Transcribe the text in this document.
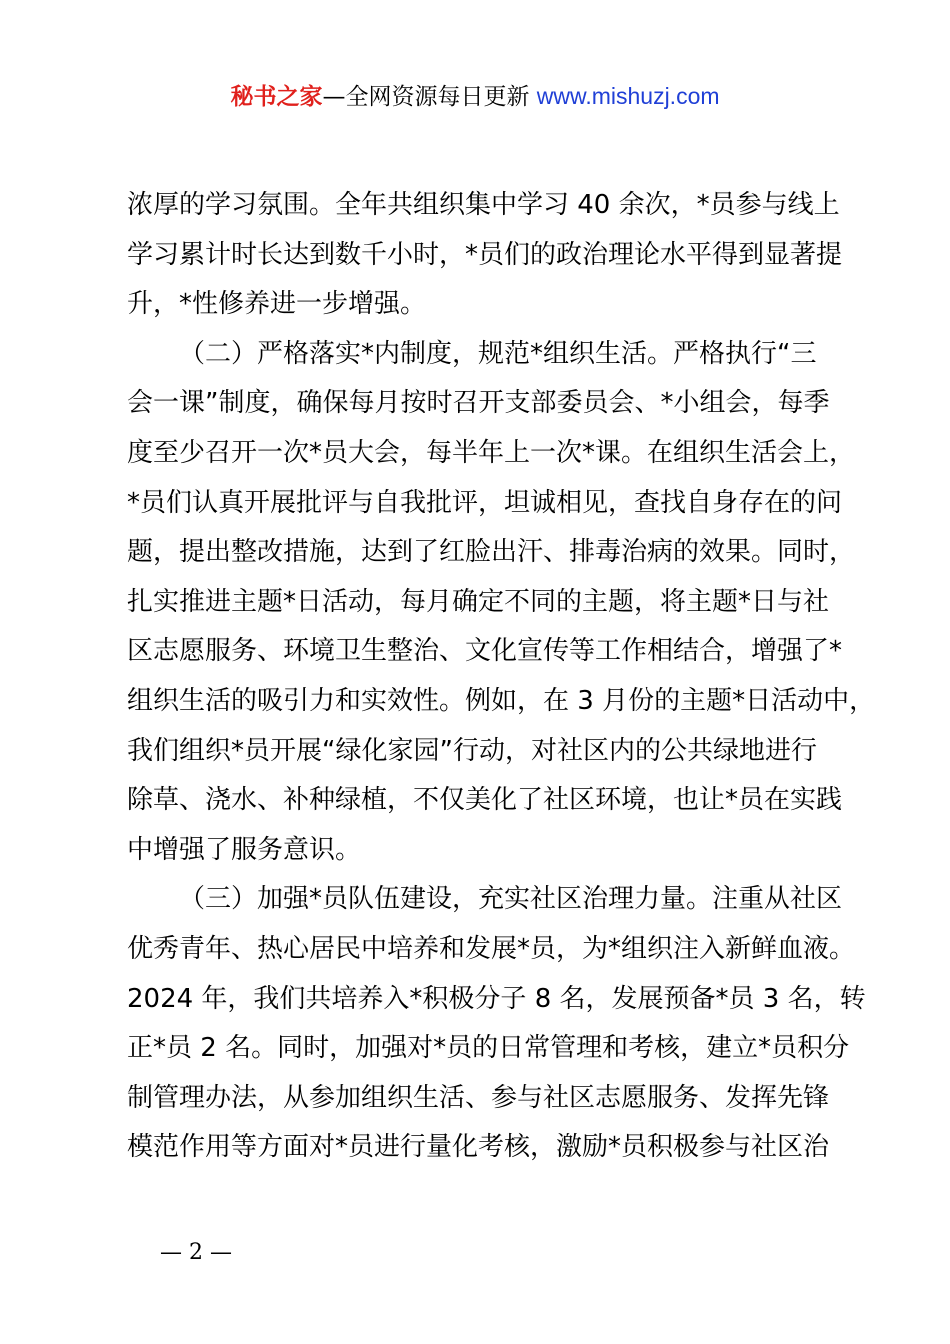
秘书之家—全网资源每日更新 www.mishuzj.com
浓厚的学习氛围。全年共组织集中学习 40 余次，*员参与线上
学习累计时长达到数千小时，*员们的政治理论水平得到显著提
升，*性修养进一步增强。
（二）严格落实*内制度，规范*组织生活。严格执行“三
会一课”制度，确保每月按时召开支部委员会、*小组会，每季
度至少召开一次*员大会，每半年上一次*课。在组织生活会上，
*员们认真开展批评与自我批评，坦诚相见，查找自身存在的问
题，提出整改措施，达到了红脸出汗、排毒治病的效果。同时，
扎实推进主题*日活动，每月确定不同的主题，将主题*日与社
区志愿服务、环境卫生整治、文化宣传等工作相结合，增强了*
组织生活的吸引力和实效性。例如，在 3 月份的主题*日活动中，
我们组织*员开展“绿化家园”行动，对社区内的公共绿地进行
除草、浇水、补种绿植，不仅美化了社区环境，也让*员在实践
中增强了服务意识。
（三）加强*员队伍建设，充实社区治理力量。注重从社区
优秀青年、热心居民中培养和发展*员，为*组织注入新鲜血液。
2024 年，我们共培养入*积极分子 8 名，发展预备*员 3 名，转
正*员 2 名。同时，加强对*员的日常管理和考核，建立*员积分
制管理办法，从参加组织生活、参与社区志愿服务、发挥先锋
模范作用等方面对*员进行量化考核，激励*员积极参与社区治
— 2 —
